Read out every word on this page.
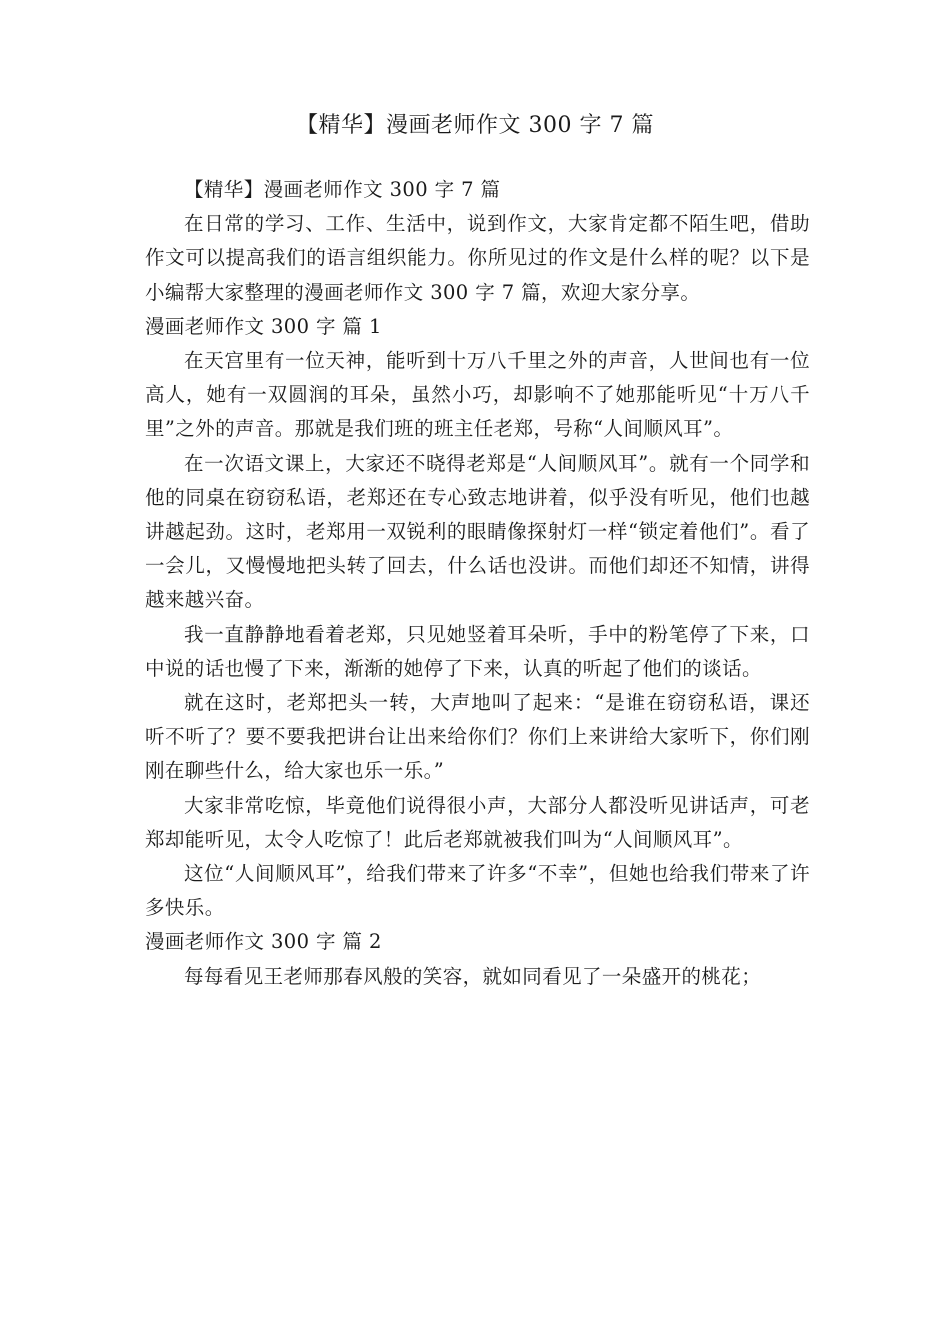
【精华】漫画老师作文 300 字 7 篇

【精华】漫画老师作文 300 字 7 篇

在日常的学习、工作、生活中，说到作文，大家肯定都不陌生吧，借助作文可以提高我们的语言组织能力。你所见过的作文是什么样的呢？以下是小编帮大家整理的漫画老师作文 300 字 7 篇，欢迎大家分享。

漫画老师作文 300 字 篇 1

在天宫里有一位天神，能听到十万八千里之外的声音，人世间也有一位高人，她有一双圆润的耳朵，虽然小巧，却影响不了她那能听见“十万八千里”之外的声音。那就是我们班的班主任老郑，号称“人间顺风耳”。

在一次语文课上，大家还不晓得老郑是“人间顺风耳”。就有一个同学和他的同桌在窃窃私语，老郑还在专心致志地讲着，似乎没有听见，他们也越讲越起劲。这时，老郑用一双锐利的眼睛像探射灯一样“锁定着他们”。看了一会儿，又慢慢地把头转了回去，什么话也没讲。而他们却还不知情，讲得越来越兴奋。

我一直静静地看着老郑，只见她竖着耳朵听，手中的粉笔停了下来，口中说的话也慢了下来，渐渐的她停了下来，认真的听起了他们的谈话。

就在这时，老郑把头一转，大声地叫了起来：“是谁在窃窃私语，课还听不听了？要不要我把讲台让出来给你们？你们上来讲给大家听下，你们刚刚在聊些什么，给大家也乐一乐。”

大家非常吃惊，毕竟他们说得很小声，大部分人都没听见讲话声，可老郑却能听见，太令人吃惊了！此后老郑就被我们叫为“人间顺风耳”。

这位“人间顺风耳”，给我们带来了许多“不幸”，但她也给我们带来了许多快乐。

漫画老师作文 300 字 篇 2

每每看见王老师那春风般的笑容，就如同看见了一朵盛开的桃花；
